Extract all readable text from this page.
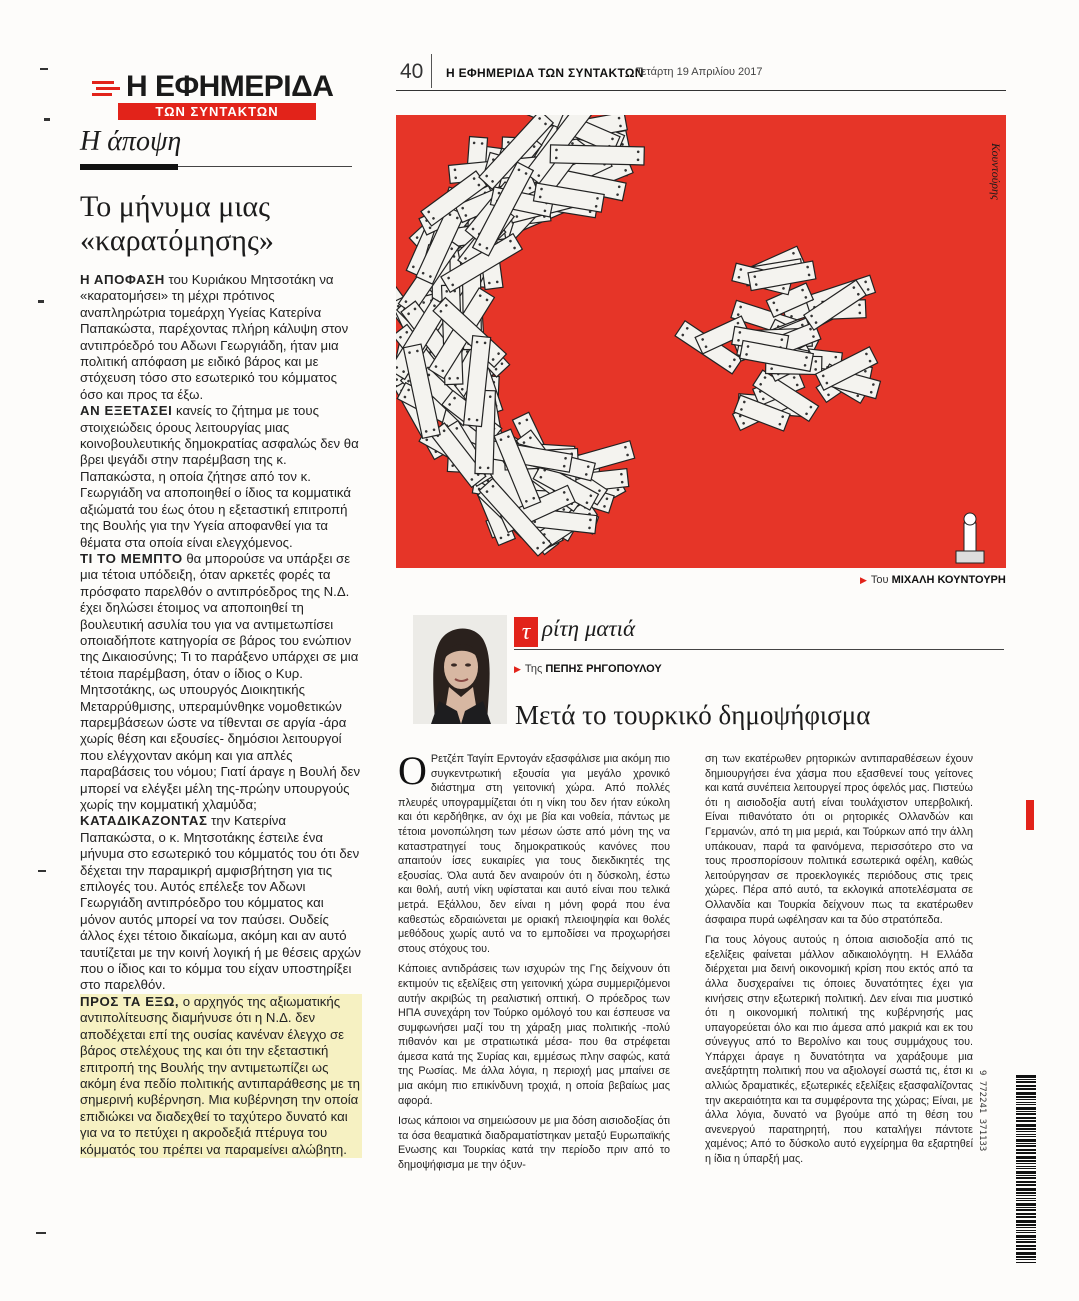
Η ΕΦΗΜΕΡΙΔΑ
ΤΩΝ ΣΥΝΤΑΚΤΩΝ
Η άποψη
40 Η ΕΦΗΜΕΡΙΔΑ ΤΩΝ ΣΥΝΤΑΚΤΩΝ
Τετάρτη 19 Απριλίου 2017
Το μήνυμα μιας
«καρατόμησης»

Η ΑΠΟΦΑΣΗ του Κυριάκου Μητσοτάκη να «καρατομήσει» τη μέχρι πρότινος αναπληρώτρια τομεάρχη Υγείας Κατερίνα Παπακώστα, παρέχοντας πλήρη κάλυψη στον αντιπρόεδρό του Αδωνι Γεωργιάδη, ήταν μια πολιτική απόφαση με ειδικό βάρος και με στόχευση τόσο στο εσωτερικό του κόμματος όσο και προς τα έξω.

ΑΝ ΕΞΕΤΑΣΕΙ κανείς το ζήτημα με τους στοιχειώδεις όρους λειτουργίας μιας κοινοβουλευτικής δημοκρατίας ασφαλώς δεν θα βρει ψεγάδι στην παρέμβαση της κ. Παπακώστα, η οποία ζήτησε από τον κ. Γεωργιάδη να αποποιηθεί ο ίδιος τα κομματικά αξιώματά του έως ότου η εξεταστική επιτροπή της Βουλής για την Υγεία αποφανθεί για τα θέματα στα οποία είναι ελεγχόμενος.

ΤΙ ΤΟ ΜΕΜΠΤΟ θα μπορούσε να υπάρξει σε μια τέτοια υπόδειξη, όταν αρκετές φορές τα πρόσφατο παρελθόν ο αντιπρόεδρος της Ν.Δ. έχει δηλώσει έτοιμος να αποποιηθεί τη βουλευτική ασυλία του για να αντιμετωπίσει οποιαδήποτε κατηγορία σε βάρος του ενώπιον της Δικαιοσύνης; Τι το παράξενο υπάρχει σε μια τέτοια παρέμβαση, όταν ο ίδιος ο Κυρ. Μητσοτάκης, ως υπουργός Διοικητικής Μεταρρύθμισης, υπεραμύνθηκε νομοθετικών παρεμβάσεων ώστε να τίθενται σε αργία -άρα χωρίς θέση και εξουσίες- δημόσιοι λειτουργοί που ελέγχονταν ακόμη και για απλές παραβάσεις του νόμου; Γιατί άραγε η Βουλή δεν μπορεί να ελέγξει μέλη της-πρώην υπουργούς χωρίς την κομματική χλαμύδα;

ΚΑΤΑΔΙΚΑΖΟΝΤΑΣ την Κατερίνα Παπακώστα, ο κ. Μητσοτάκης έστειλε ένα μήνυμα στο εσωτερικό του κόμματός του ότι δεν δέχεται την παραμικρή αμφισβήτηση για τις επιλογές του. Αυτός επέλεξε τον Αδωνι Γεωργιάδη αντιπρόεδρο του κόμματος και μόνον αυτός μπορεί να τον παύσει. Ουδείς άλλος έχει τέτοιο δικαίωμα, ακόμη και αν αυτό ταυτίζεται με την κοινή λογική ή με θέσεις αρχών που ο ίδιος και το κόμμα του είχαν υποστηρίξει στο παρελθόν.

ΠΡΟΣ ΤΑ ΕΞΩ, ο αρχηγός της αξιωματικής αντιπολίτευσης διαμήνυσε ότι η Ν.Δ. δεν αποδέχεται επί της ουσίας κανέναν έλεγχο σε βάρος στελέχους της και ότι την εξεταστική επιτροπή της Βουλής την αντιμετωπίζει ως ακόμη ένα πεδίο πολιτικής αντιπαράθεσης με τη σημερινή κυβέρνηση. Μια κυβέρνηση την οποία επιδιώκει να διαδεχθεί το ταχύτερο δυνατό και για να το πετύχει η ακροδεξιά πτέρυγα του κόμματός του πρέπει να παραμείνει αλώβητη.

Κουντούρης
▶ Του ΜΙΧΑΛΗ ΚΟΥΝΤΟΥΡΗ
τ ρίτη ματιά
▶ Της ΠΕΠΗΣ ΡΗΓΟΠΟΥΛΟΥ
Μετά το τουρκικό δημοψήφισμα

Ο Ρετζέπ Ταγίπ Ερντογάν εξασφάλισε μια ακόμη πιο συγκεντρωτική εξουσία για μεγάλο χρονικό διάστημα στη γειτονική χώρα. Από πολλές πλευρές υπογραμμίζεται ότι η νίκη του δεν ήταν εύκολη και ότι κερδήθηκε, αν όχι με βία και νοθεία, πάντως με τέτοια μονοπώληση των μέσων ώστε από μόνη της να καταστρατηγεί τους δημοκρατικούς κανόνες που απαιτούν ίσες ευκαιρίες για τους διεκδικητές της εξουσίας. Όλα αυτά δεν αναιρούν ότι η δύσκολη, έστω και θολή, αυτή νίκη υφίσταται και αυτό είναι που τελικά μετρά. Εξάλλου, δεν είναι η μόνη φορά που ένα καθεστώς εδραιώνεται με οριακή πλειοψηφία και θολές μεθόδους χωρίς αυτό να το εμποδίσει να προχωρήσει στους στόχους του.

Κάποιες αντιδράσεις των ισχυρών της Γης δείχνουν ότι εκτιμούν τις εξελίξεις στη γειτονική χώρα συμμεριζόμενοι αυτήν ακριβώς τη ρεαλιστική οπτική. Ο πρόεδρος των ΗΠΑ συνεχάρη τον Τούρκο ομόλογό του και έσπευσε να συμφωνήσει μαζί του τη χάραξη μιας πολιτικής -πολύ πιθανόν και με στρατιωτικά μέσα- που θα στρέφεται άμεσα κατά της Συρίας και, εμμέσως πλην σαφώς, κατά της Ρωσίας. Με άλλα λόγια, η περιοχή μας μπαίνει σε μια ακόμη πιο επικίνδυνη τροχιά, η οποία βεβαίως μας αφορά.

Ισως κάποιοι να σημειώσουν με μια δόση αισιοδοξίας ότι τα όσα θεαματικά διαδραματίστηκαν μεταξύ Ευρωπαϊκής Ενωσης και Τουρκίας κατά την περίοδο πριν από το δημοψήφισμα με την όξυν-

ση των εκατέρωθεν ρητορικών αντιπαραθέσεων έχουν δημιουργήσει ένα χάσμα που εξασθενεί τους γείτονες και κατά συνέπεια λειτουργεί προς όφελός μας. Πιστεύω ότι η αισιοδοξία αυτή είναι τουλάχιστον υπερβολική. Είναι πιθανότατο ότι οι ρητορικές Ολλανδών και Γερμανών, από τη μια μεριά, και Τούρκων από την άλλη υπάκουαν, παρά τα φαινόμενα, περισσότερο στο να τους προσπορίσουν πολιτικά εσωτερικά οφέλη, καθώς λειτούργησαν σε προεκλογικές περιόδους στις τρεις χώρες. Πέρα από αυτό, τα εκλογικά αποτελέσματα σε Ολλανδία και Τουρκία δείχνουν πως τα εκατέρωθεν άσφαιρα πυρά ωφέλησαν και τα δύο στρατόπεδα.

Για τους λόγους αυτούς η όποια αισιοδοξία από τις εξελίξεις φαίνεται μάλλον αδικαιολόγητη. Η Ελλάδα διέρχεται μια δεινή οικονομική κρίση που εκτός από τα άλλα δυσχεραίνει τις όποιες δυνατότητες έχει για κινήσεις στην εξωτερική πολιτική. Δεν είναι πια μυστικό ότι η οικονομική πολιτική της κυβέρνησής μας υπαγορεύεται όλο και πιο άμεσα από μακριά και εκ του σύνεγγυς από το Βερολίνο και τους συμμάχους του. Υπάρχει άραγε η δυνατότητα να χαράξουμε μια ανεξάρτητη πολιτική που να αξιολογεί σωστά τις, έτσι κι αλλιώς δραματικές, εξωτερικές εξελίξεις εξασφαλίζοντας την ακεραιότητα και τα συμφέροντα της χώρας; Είναι, με άλλα λόγια, δυνατό να βγούμε από τη θέση του ανενεργού παρατηρητή, που καταλήγει πάντοτε χαμένος; Από το δύσκολο αυτό εγχείρημα θα εξαρτηθεί η ίδια η ύπαρξή μας.

9 772241 371133
